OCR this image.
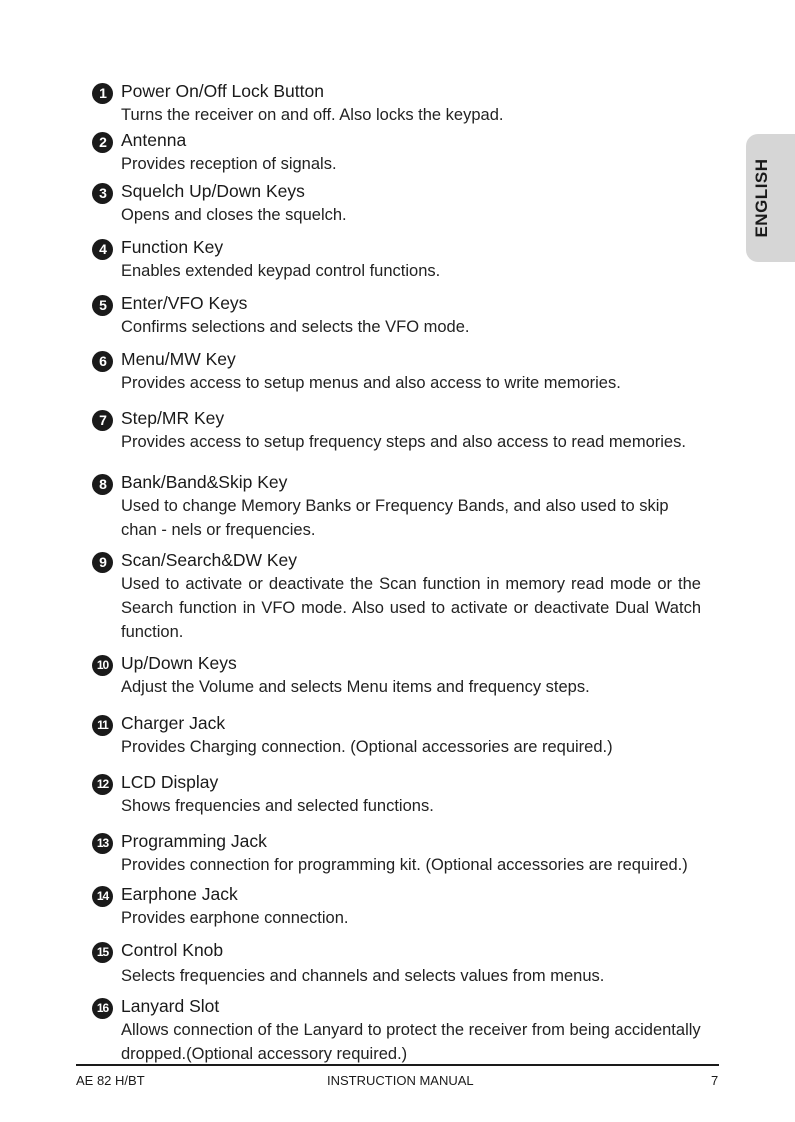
ENGLISH
1 Power On/Off Lock Button
Turns the receiver on and off. Also locks the keypad.
2 Antenna
Provides reception of signals.
3 Squelch Up/Down Keys
Opens and closes the squelch.
4 Function Key
Enables extended keypad control functions.
5 Enter/VFO Keys
Confirms selections and selects the VFO mode.
6 Menu/MW Key
Provides access to setup menus and also access to write memories.
7 Step/MR Key
Provides access to setup frequency steps and also access to read memories.
8 Bank/Band&Skip Key
Used to change Memory Banks or Frequency Bands, and also used to skip chan - nels or frequencies.
9 Scan/Search&DW Key
Used to activate or deactivate the Scan function in memory read mode or the Search function in VFO mode. Also used to activate or deactivate Dual Watch function.
10 Up/Down Keys
Adjust the Volume and selects Menu items and frequency steps.
11 Charger Jack
Provides Charging connection. (Optional accessories are required.)
12 LCD Display
Shows frequencies and selected functions.
13 Programming Jack
Provides connection for programming kit. (Optional accessories are required.)
14 Earphone Jack
Provides earphone connection.
15 Control Knob
Selects frequencies and channels and selects values from menus.
16 Lanyard Slot
Allows connection of the Lanyard to protect the receiver from being accidentally dropped.(Optional accessory required.)
AE 82 H/BT	INSTRUCTION MANUAL	7
